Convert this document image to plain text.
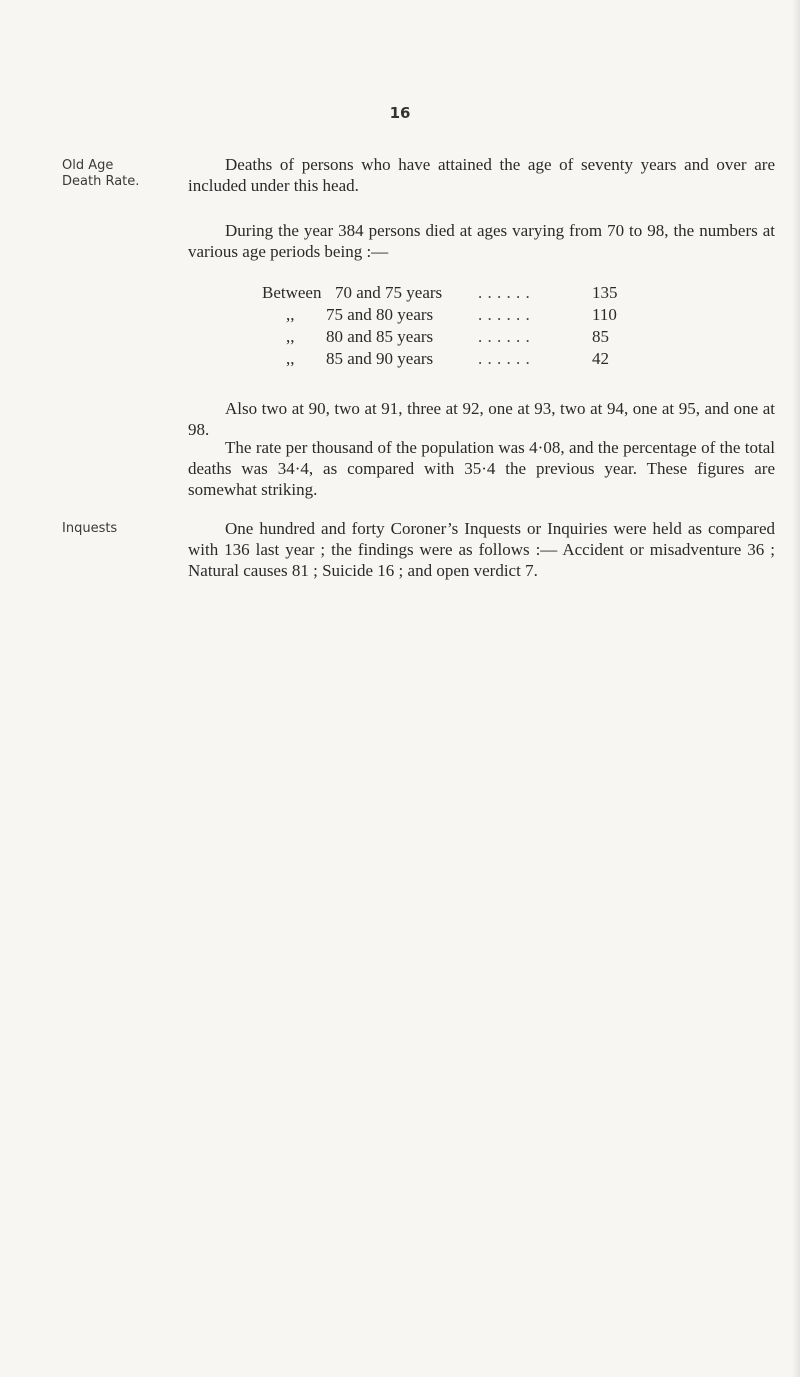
16
Old Age
Death Rate.

Deaths of persons who have attained the age of seventy years and over are included under this head.

During the year 384 persons died at ages varying from 70 to 98, the numbers at various age periods being :—

Between 70 and 75 years . . . . . .	135
,, 75 and 80 years	. . . . . .	110
,, 80 and 85 years	. . . . . .	85
,, 85 and 90 years	. . . . . .	42

Also two at 90, two at 91, three at 92, one at 93, two at 94, one at 95, and one at 98.

The rate per thousand of the population was 4·08, and the percentage of the total deaths was 34·4, as compared with 35·4 the previous year. These figures are somewhat striking.

Inquests	One hundred and forty Coroner’s Inquests or Inquiries were held as compared with 136 last year ; the findings were as follows :— Accident or misadventure 36 ; Natural causes 81 ; Suicide 16 ; and open verdict 7.
